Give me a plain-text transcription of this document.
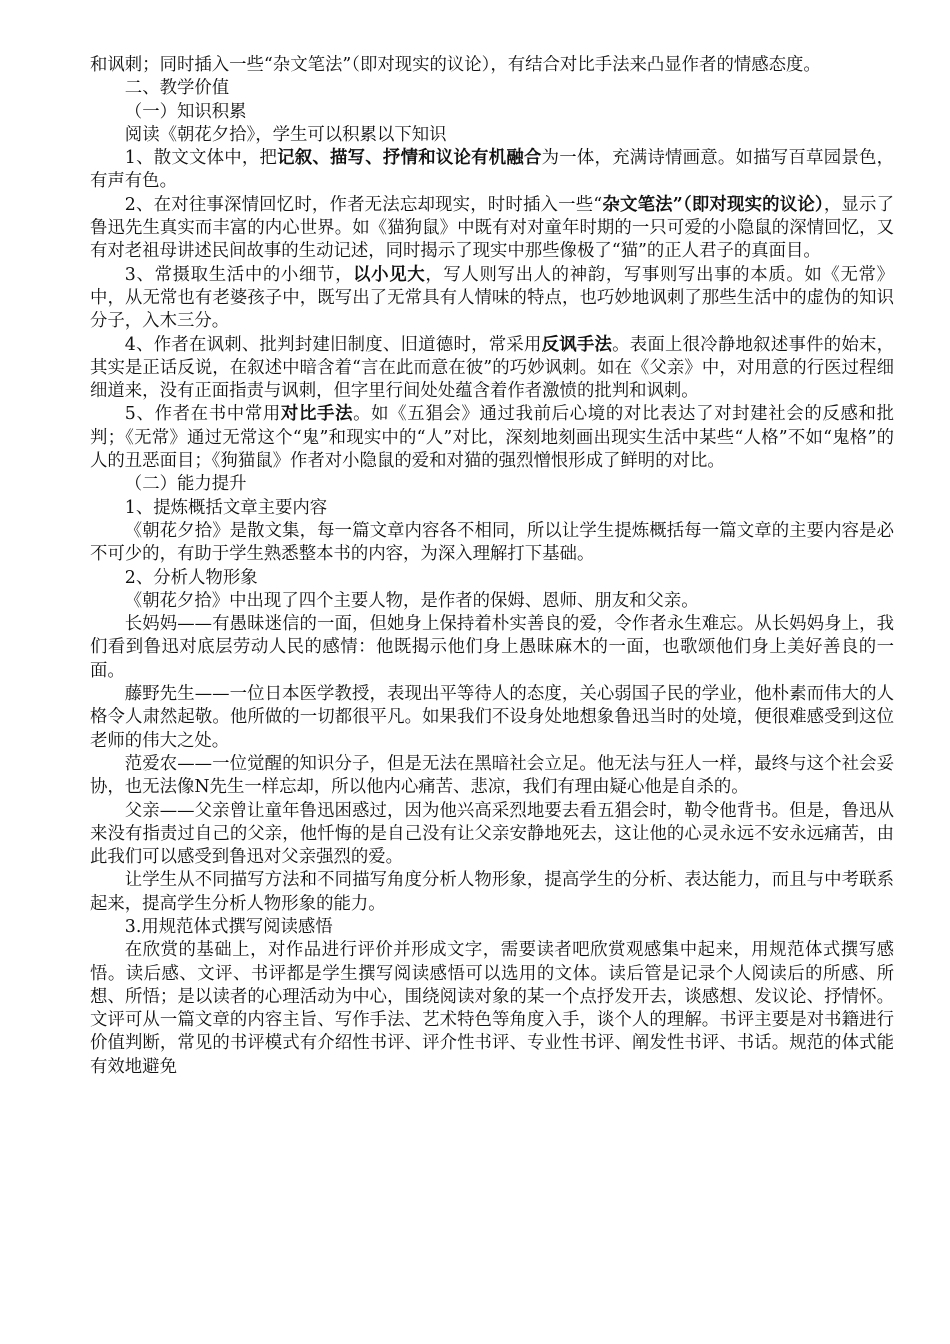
和讽刺；同时插入一些“杂文笔法”（即对现实的议论），有结合对比手法来凸显作者的情感态度。

二、教学价值

（一）知识积累

阅读《朝花夕拾》，学生可以积累以下知识

1、散文文体中，把记叙、描写、抒情和议论有机融合为一体，充满诗情画意。如描写百草园景色，有声有色。

2、在对往事深情回忆时，作者无法忘却现实，时时插入一些“杂文笔法”（即对现实的议论），显示了鲁迅先生真实而丰富的内心世界。如《猫狗鼠》中既有对对童年时期的一只可爱的小隐鼠的深情回忆，又有对老祖母讲述民间故事的生动记述，同时揭示了现实中那些像极了“猫”的正人君子的真面目。

3、常摄取生活中的小细节，以小见大，写人则写出人的神韵，写事则写出事的本质。如《无常》中，从无常也有老婆孩子中，既写出了无常具有人情味的特点，也巧妙地讽刺了那些生活中的虚伪的知识分子，入木三分。

4、作者在讽刺、批判封建旧制度、旧道德时，常采用反讽手法。表面上很冷静地叙述事件的始末，其实是正话反说，在叙述中暗含着“言在此而意在彼”的巧妙讽刺。如在《父亲》中，对用意的行医过程细细道来，没有正面指责与讽刺，但字里行间处处蕴含着作者激愤的批判和讽刺。

5、作者在书中常用对比手法。如《五猖会》通过我前后心境的对比表达了对封建社会的反感和批判；《无常》通过无常这个“鬼”和现实中的“人”对比，深刻地刻画出现实生活中某些“人格”不如“鬼格”的人的丑恶面目；《狗猫鼠》作者对小隐鼠的爱和对猫的强烈憎恨形成了鲜明的对比。

（二）能力提升

1、提炼概括文章主要内容

《朝花夕拾》是散文集，每一篇文章内容各不相同，所以让学生提炼概括每一篇文章的主要内容是必不可少的，有助于学生熟悉整本书的内容，为深入理解打下基础。

2、分析人物形象

《朝花夕拾》中出现了四个主要人物，是作者的保姆、恩师、朋友和父亲。

长妈妈——有愚昧迷信的一面，但她身上保持着朴实善良的爱，令作者永生难忘。从长妈妈身上，我们看到鲁迅对底层劳动人民的感情：他既揭示他们身上愚昧麻木的一面，也歌颂他们身上美好善良的一面。

藤野先生——一位日本医学教授，表现出平等待人的态度，关心弱国子民的学业，他朴素而伟大的人格令人肃然起敬。他所做的一切都很平凡。如果我们不设身处地想象鲁迅当时的处境，便很难感受到这位老师的伟大之处。

范爱农——一位觉醒的知识分子，但是无法在黑暗社会立足。他无法与狂人一样，最终与这个社会妥协，也无法像N先生一样忘却，所以他内心痛苦、悲凉，我们有理由疑心他是自杀的。

父亲——父亲曾让童年鲁迅困惑过，因为他兴高采烈地要去看五猖会时，勒令他背书。但是，鲁迅从来没有指责过自己的父亲，他忏悔的是自己没有让父亲安静地死去，这让他的心灵永远不安永远痛苦，由此我们可以感受到鲁迅对父亲强烈的爱。

让学生从不同描写方法和不同描写角度分析人物形象，提高学生的分析、表达能力，而且与中考联系起来，提高学生分析人物形象的能力。

3.用规范体式撰写阅读感悟

在欣赏的基础上，对作品进行评价并形成文字，需要读者吧欣赏观感集中起来，用规范体式撰写感悟。读后感、文评、书评都是学生撰写阅读感悟可以选用的文体。读后管是记录个人阅读后的所感、所想、所悟；是以读者的心理活动为中心，围绕阅读对象的某一个点抒发开去，谈感想、发议论、抒情怀。文评可从一篇文章的内容主旨、写作手法、艺术特色等角度入手，谈个人的理解。书评主要是对书籍进行价值判断，常见的书评模式有介绍性书评、评介性书评、专业性书评、阐发性书评、书话。规范的体式能有效地避免
